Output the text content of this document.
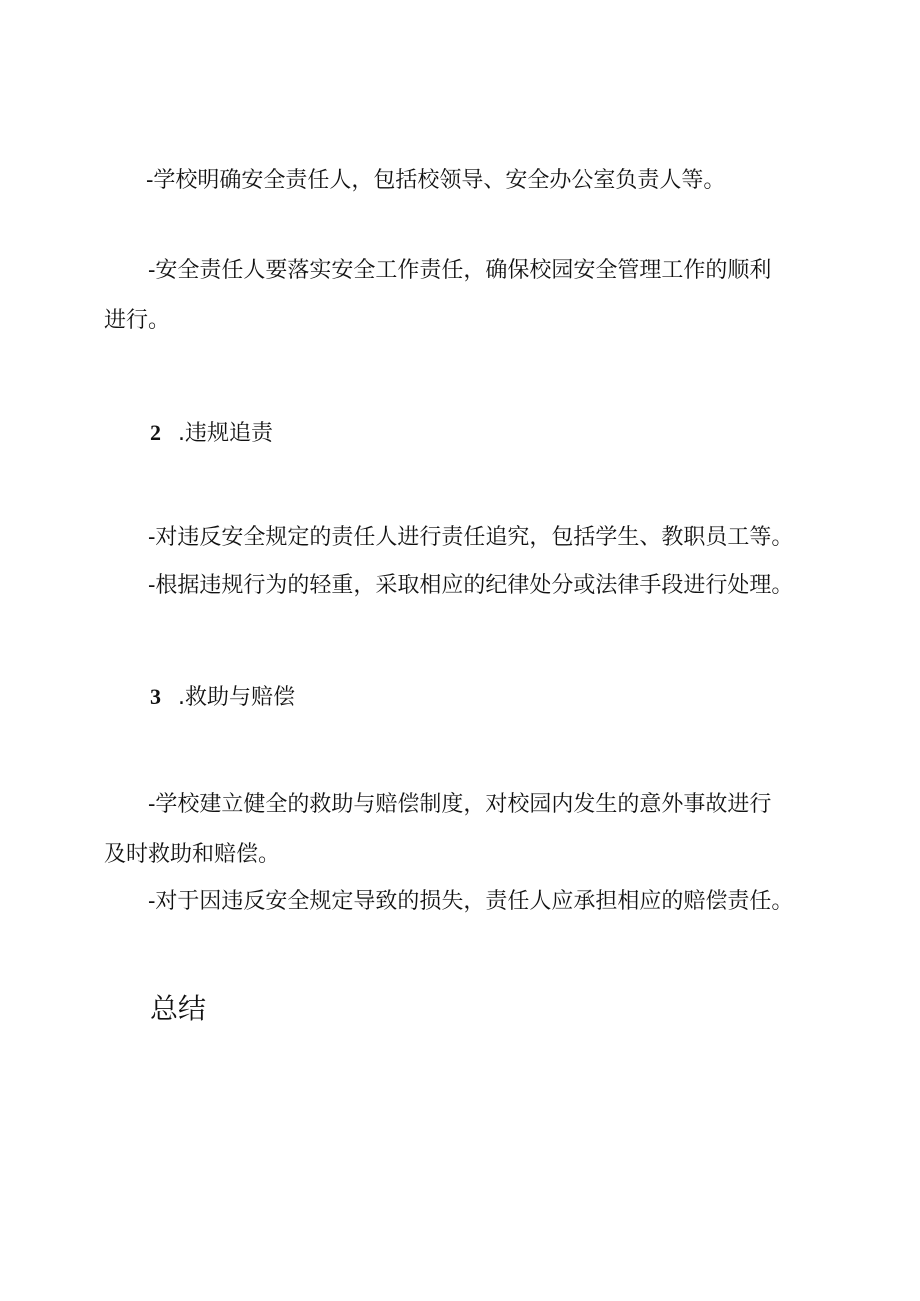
-学校明确安全责任人，包括校领导、安全办公室负责人等。
-安全责任人要落实安全工作责任，确保校园安全管理工作的顺利
进行。
2 .违规追责
-对违反安全规定的责任人进行责任追究，包括学生、教职员工等。
-根据违规行为的轻重，采取相应的纪律处分或法律手段进行处理。
3 .救助与赔偿
-学校建立健全的救助与赔偿制度，对校园内发生的意外事故进行
及时救助和赔偿。
-对于因违反安全规定导致的损失，责任人应承担相应的赔偿责任。
总结
